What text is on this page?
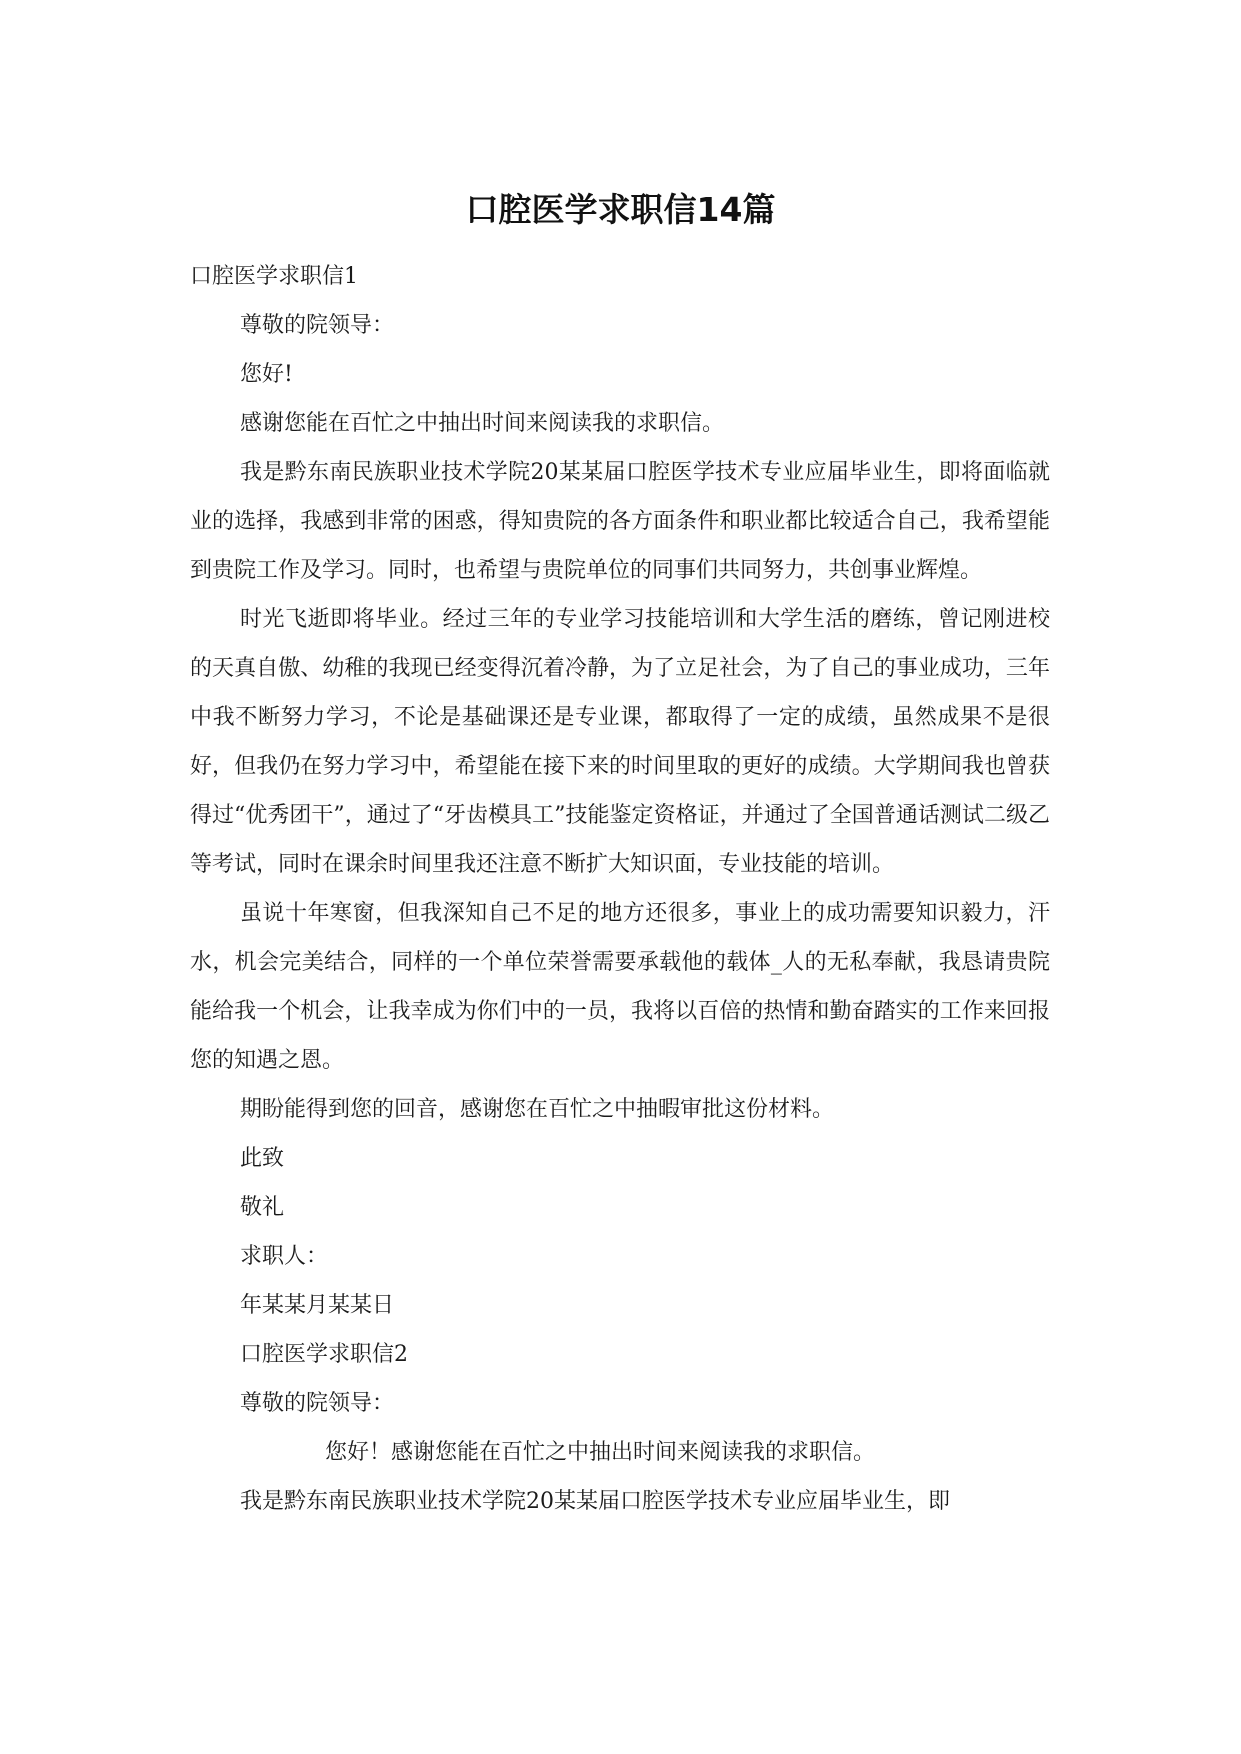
口腔医学求职信14篇

口腔医学求职信1

尊敬的院领导：

您好!

感谢您能在百忙之中抽出时间来阅读我的求职信。

我是黔东南民族职业技术学院20某某届口腔医学技术专业应届毕业生，即将面临就业的选择，我感到非常的困惑，得知贵院的各方面条件和职业都比较适合自己，我希望能到贵院工作及学习。同时，也希望与贵院单位的同事们共同努力，共创事业辉煌。

时光飞逝即将毕业。经过三年的专业学习技能培训和大学生活的磨练，曾记刚进校的天真自傲、幼稚的我现已经变得沉着冷静，为了立足社会，为了自己的事业成功，三年中我不断努力学习，不论是基础课还是专业课，都取得了一定的成绩，虽然成果不是很好，但我仍在努力学习中，希望能在接下来的时间里取的更好的成绩。大学期间我也曾获得过“优秀团干”，通过了“牙齿模具工”技能鉴定资格证，并通过了全国普通话测试二级乙等考试，同时在课余时间里我还注意不断扩大知识面，专业技能的培训。

虽说十年寒窗，但我深知自己不足的地方还很多，事业上的成功需要知识毅力，汗水，机会完美结合，同样的一个单位荣誉需要承载他的载体_人的无私奉献，我恳请贵院能给我一个机会，让我幸成为你们中的一员，我将以百倍的热情和勤奋踏实的工作来回报您的知遇之恩。

期盼能得到您的回音，感谢您在百忙之中抽暇审批这份材料。

此致

敬礼

求职人：

年某某月某某日

口腔医学求职信2

尊敬的院领导：

您好！感谢您能在百忙之中抽出时间来阅读我的求职信。

我是黔东南民族职业技术学院20某某届口腔医学技术专业应届毕业生，即
